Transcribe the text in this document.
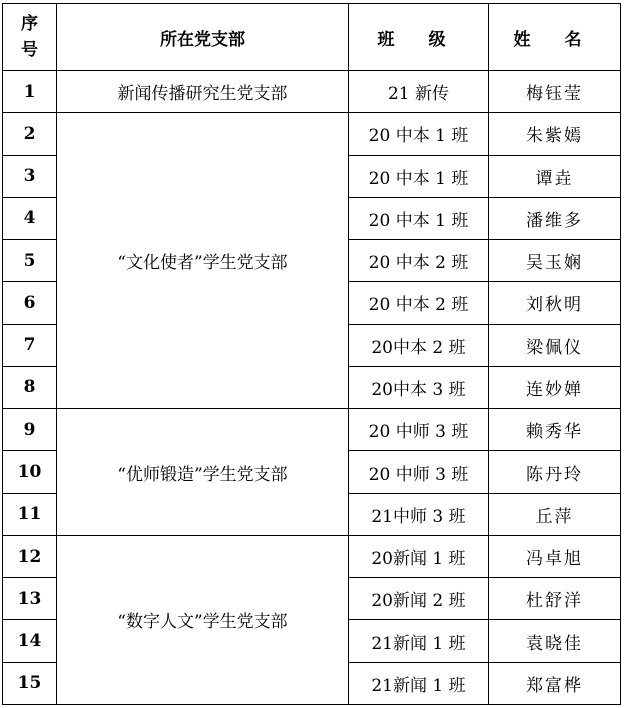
序
号	所在党支部	班 级	姓 名
1	新闻传播研究生党支部	21 新传	梅钰莹
2	“文化使者”学生党支部	20 中本 1 班	朱紫嫣
3		20 中本 1 班	谭垚
4		20 中本 1 班	潘维多
5		20 中本 2 班	吴玉娴
6		20 中本 2 班	刘秋明
7		20中本 2 班	梁佩仪
8		20中本 3 班	连妙婵
9	“优师锻造”学生党支部	20 中师 3 班	赖秀华
10		20 中师 3 班	陈丹玲
11		21中师 3 班	丘萍
12	“数字人文”学生党支部	20新闻 1 班	冯卓旭
13		20新闻 2 班	杜舒洋
14		21新闻 1 班	袁晓佳
15		21新闻 1 班	郑富桦
